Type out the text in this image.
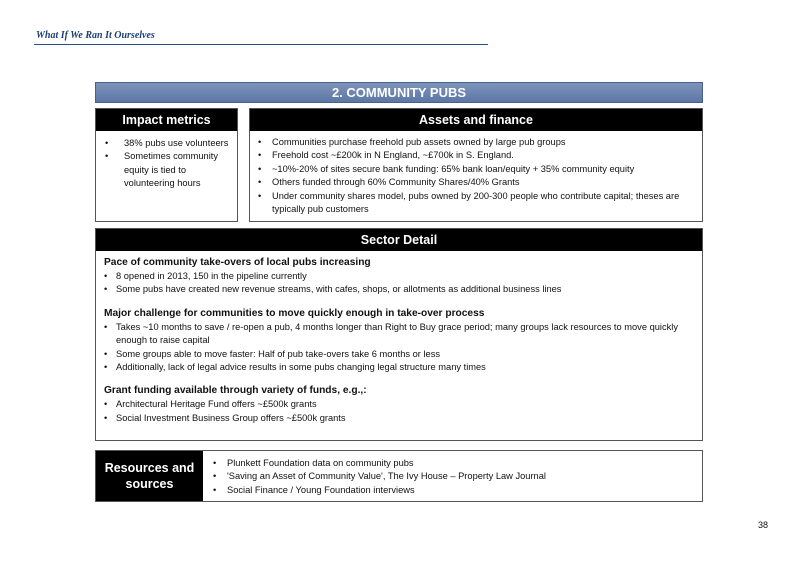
What If We Ran It Ourselves
2. COMMUNITY PUBS
Impact metrics
• 38% pubs use volunteers
• Sometimes community equity is tied to volunteering hours
Assets and finance
• Communities purchase freehold pub assets owned by large pub groups
• Freehold cost ~£200k in N England, ~£700k in S. England.
• ~10%-20% of sites secure bank funding: 65% bank loan/equity + 35% community equity
• Others funded through 60% Community Shares/40% Grants
• Under community shares model, pubs owned by 200-300 people who contribute capital; theses are typically pub customers
Sector Detail
Pace of community take-overs of local pubs increasing
• 8 opened in 2013, 150 in the pipeline currently
• Some pubs have created new revenue streams, with cafes, shops, or allotments as additional business lines
Major challenge for communities to move quickly enough in take-over process
• Takes ~10 months to save / re-open a pub, 4 months longer than Right to Buy grace period; many groups lack resources to move quickly enough to raise capital
• Some groups able to move faster: Half of pub take-overs take 6 months or less
• Additionally, lack of legal advice results in some pubs changing legal structure many times
Grant funding available through variety of funds, e.g.,:
• Architectural Heritage Fund offers ~£500k grants
• Social Investment Business Group offers ~£500k grants
Resources and
sources
• Plunkett Foundation data on community pubs
• 'Saving an Asset of Community Value', The Ivy House – Property Law Journal
• Social Finance / Young Foundation interviews
38
